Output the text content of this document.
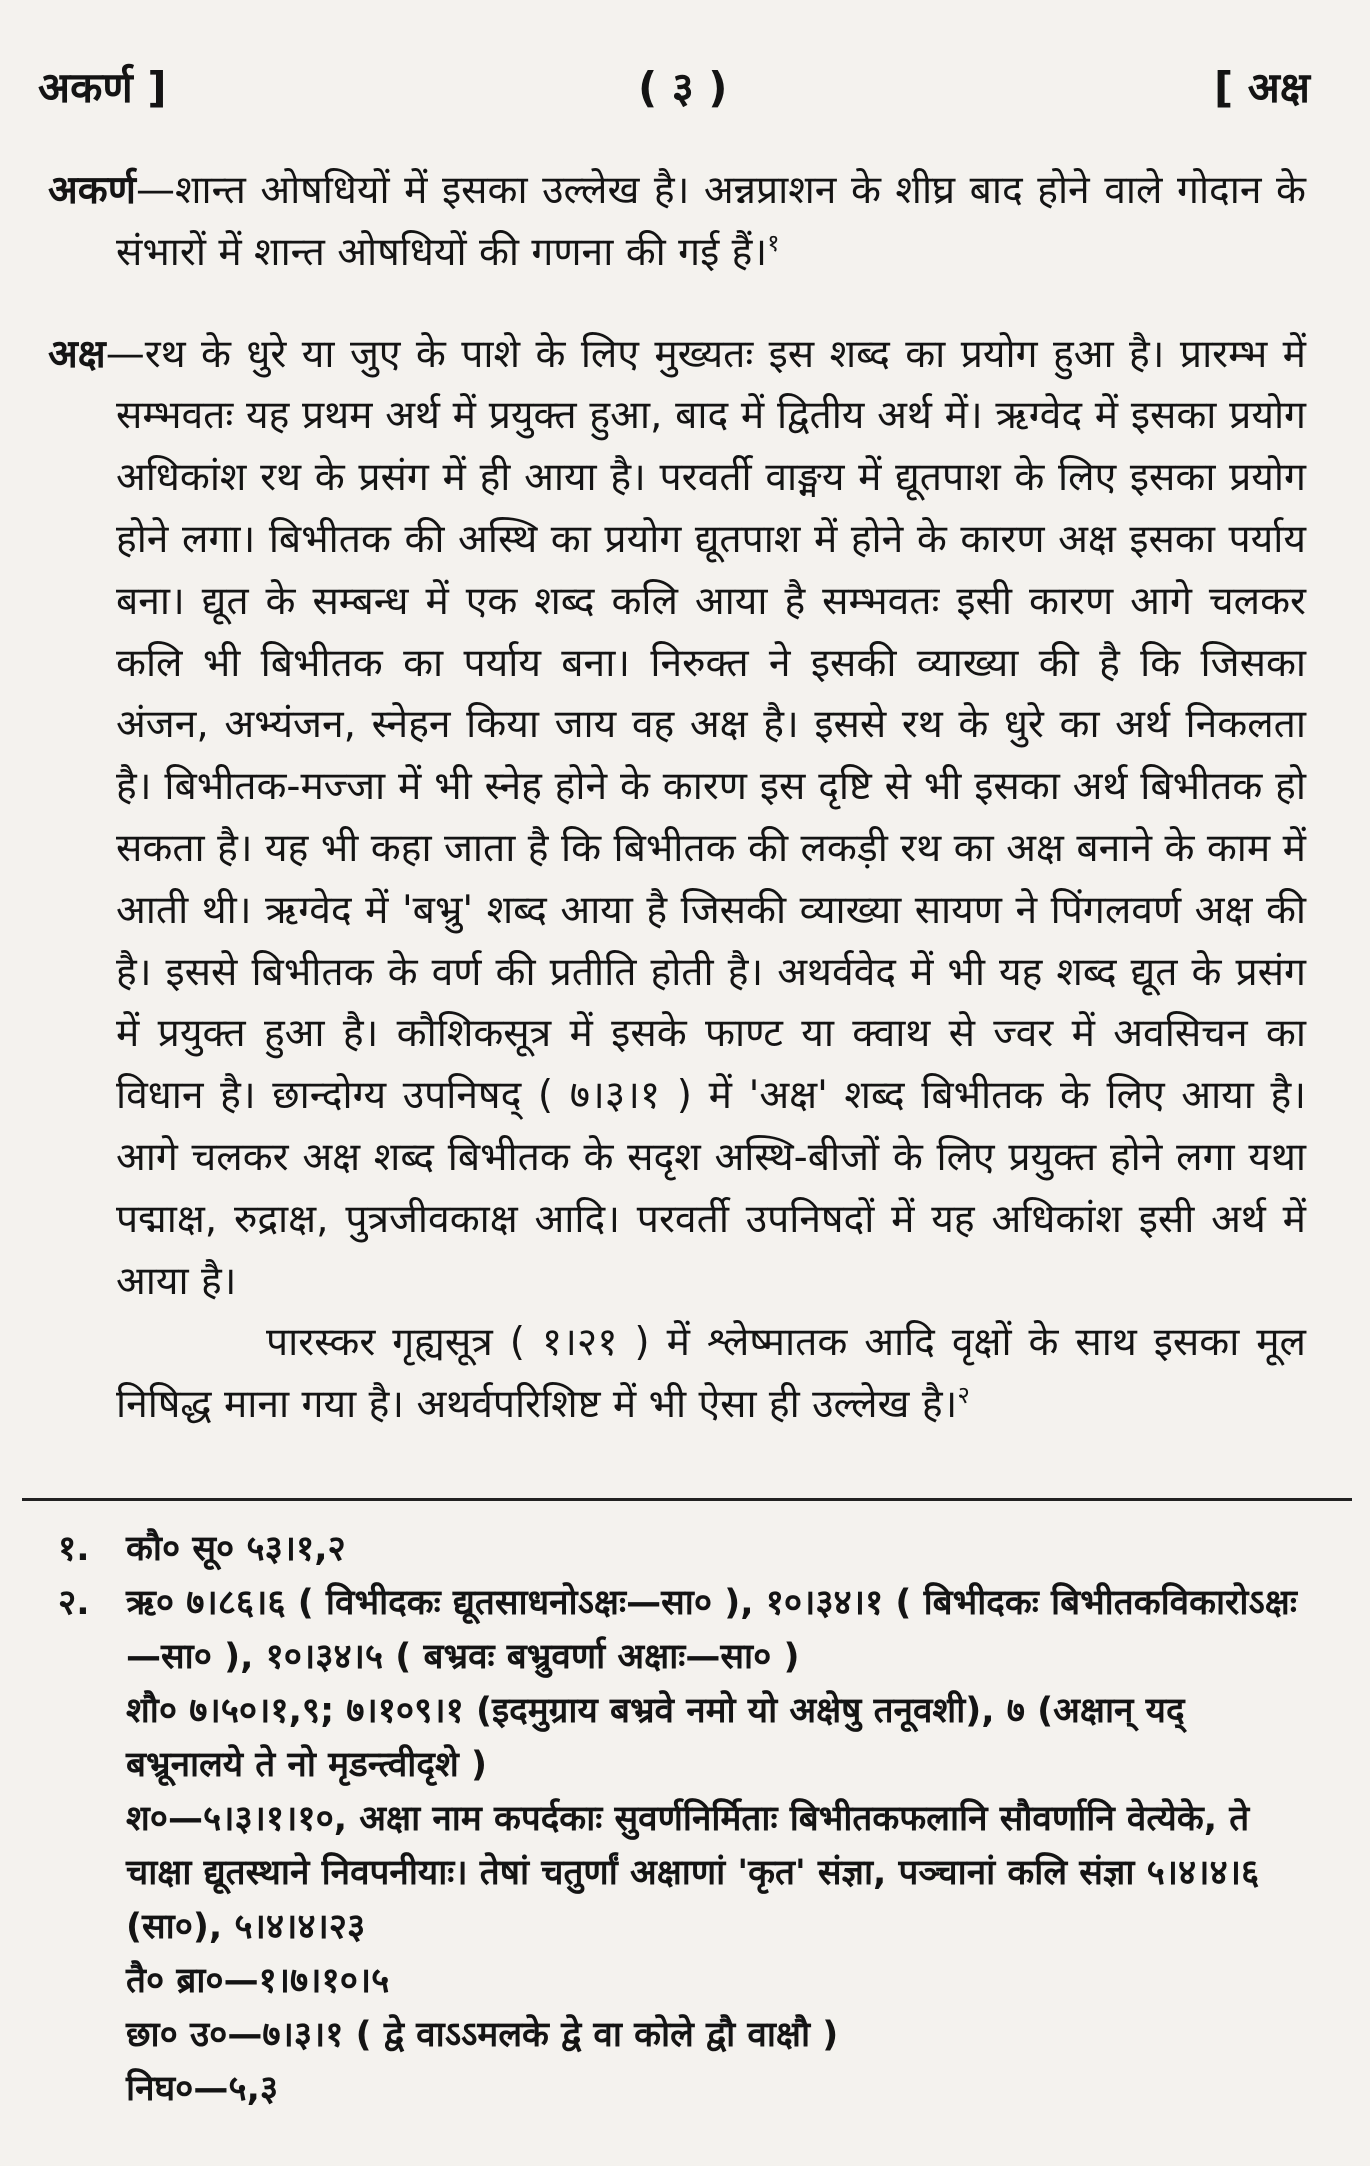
अकर्ण ]	( ३ )	[ अक्ष

अकर्ण—शान्त ओषधियों में इसका उल्लेख है। अन्नप्राशन के शीघ्र बाद होने वाले गोदान के संभारों में शान्त ओषधियों की गणना की गई हैं।$^१$

अक्ष—रथ के धुरे या जुए के पाशे के लिए मुख्यतः इस शब्द का प्रयोग हुआ है। प्रारम्भ में सम्भवतः यह प्रथम अर्थ में प्रयुक्त हुआ, बाद में द्वितीय अर्थ में। ऋग्वेद में इसका प्रयोग अधिकांश रथ के प्रसंग में ही आया है। परवर्ती वाङ्मय में द्यूतपाश के लिए इसका प्रयोग होने लगा। बिभीतक की अस्थि का प्रयोग द्यूतपाश में होने के कारण अक्ष इसका पर्याय बना। द्यूत के सम्बन्ध में एक शब्द कलि आया है सम्भवतः इसी कारण आगे चलकर कलि भी बिभीतक का पर्याय बना। निरुक्त ने इसकी व्याख्या की है कि जिसका अंजन, अभ्यंजन, स्नेहन किया जाय वह अक्ष है। इससे रथ के धुरे का अर्थ निकलता है। बिभीतक-मज्जा में भी स्नेह होने के कारण इस दृष्टि से भी इसका अर्थ बिभीतक हो सकता है। यह भी कहा जाता है कि बिभीतक की लकड़ी रथ का अक्ष बनाने के काम में आती थी। ऋग्वेद में 'बभ्रु' शब्द आया है जिसकी व्याख्या सायण ने पिंगलवर्ण अक्ष की है। इससे बिभीतक के वर्ण की प्रतीति होती है। अथर्ववेद में भी यह शब्द द्यूत के प्रसंग में प्रयुक्त हुआ है। कौशिकसूत्र में इसके फाण्ट या क्वाथ से ज्वर में अवसिचन का विधान है। छान्दोग्य उपनिषद् ( ७।३।१ ) में 'अक्ष' शब्द बिभीतक के लिए आया है। आगे चलकर अक्ष शब्द बिभीतक के सदृश अस्थि-बीजों के लिए प्रयुक्त होने लगा यथा पद्माक्ष, रुद्राक्ष, पुत्रजीवकाक्ष आदि। परवर्ती उपनिषदों में यह अधिकांश इसी अर्थ में आया है।

पारस्कर गृह्यसूत्र ( १।२१ ) में श्लेष्मातक आदि वृक्षों के साथ इसका मूल निषिद्ध माना गया है। अथर्वपरिशिष्ट में भी ऐसा ही उल्लेख है।$^२$

१.	कौ० सू० ५३।१,२
२.	ऋ० ७।८६।६ ( विभीदकः द्यूतसाधनोऽक्षः—सा० ), १०।३४।१ ( बिभीदकः बिभीतकविकारोऽक्षः—सा० ), १०।३४।५ ( बभ्रवः बभ्रुवर्णा अक्षाः—सा० )

शौ० ७।५०।१,९; ७।१०९।१ (इदमुग्राय बभ्रवे नमो यो अक्षेषु तनूवशी), ७ (अक्षान् यद् बभ्रूनालये ते नो मृडन्त्वीदृशे )

श०—५।३।१।१०, अक्षा नाम कपर्दकाः सुवर्णनिर्मिताः बिभीतकफलानि सौवर्णानि वेत्येके, ते चाक्षा द्यूतस्थाने निवपनीयाः। तेषां चतुर्णां अक्षाणां 'कृत' संज्ञा, पञ्चानां कलि संज्ञा ५।४।४।६ (सा०), ५।४।४।२३

तै० ब्रा०—१।७।१०।५

छा० उ०—७।३।१ ( द्वे वाऽऽमलके द्वे वा कोले द्वौ वाक्षौ )

निघ०—५,३
